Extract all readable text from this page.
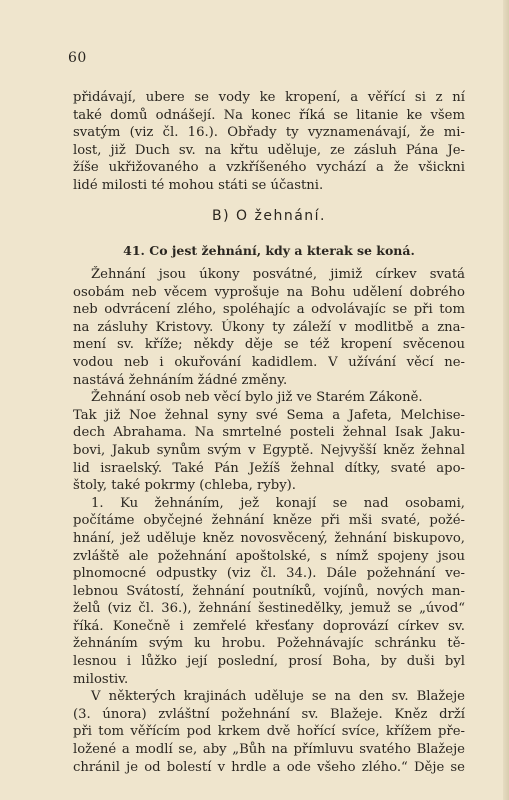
60
přidávají, ubere se vody ke kropení, a věřící si z ní
také domů odnášejí. Na konec říká se litanie ke všem
svatým (viz čl. 16.). Obřady ty vyznamenávají, že mi-
lost, již Duch sv. na křtu uděluje, ze zásluh Pána Je-
žíše ukřižovaného a vzkříšeného vychází a že všickni
lidé milosti té mohou státi se účastni.
B) O žehnání.
41. Co jest žehnání, kdy a kterak se koná.
Žehnání jsou úkony posvátné, jimiž církev svatá
osobám neb věcem vyprošuje na Bohu udělení dobrého
neb odvrácení zlého, spoléhajíc a odvolávajíc se při tom
na zásluhy Kristovy. Úkony ty záleží v modlitbě a zna-
mení sv. kříže; někdy děje se též kropení svěcenou
vodou neb i okuřování kadidlem. V užívání věcí ne-
nastává žehnáním žádné změny.
Žehnání osob neb věcí bylo již ve Starém Zákoně.
Tak již Noe žehnal syny své Sema a Jafeta, Melchise-
dech Abrahama. Na smrtelné posteli žehnal Isak Jaku-
bovi, Jakub synům svým v Egyptě. Nejvyšší kněz žehnal
lid israelský. Také Pán Ježíš žehnal dítky, svaté apo-
štoly, také pokrmy (chleba, ryby).
1. Ku žehnáním, jež konají se nad osobami,
počítáme obyčejné žehnání kněze při mši svaté, požé-
hnání, jež uděluje kněz novosvěcený, žehnání biskupovo,
zvláště ale požehnání apoštolské, s nímž spojeny jsou
plnomocné odpustky (viz čl. 34.). Dále požehnání ve-
lebnou Svátostí, žehnání poutníků, vojínů, nových man-
želů (viz čl. 36.), žehnání šestinedělky, jemuž se „úvod“
říká. Konečně i zemřelé křesťany doprovází církev sv.
žehnáním svým ku hrobu. Požehnávajíc schránku tě-
lesnou i lůžko její poslední, prosí Boha, by duši byl
milostiv.
V některých krajinách uděluje se na den sv. Blažeje
(3. února) zvláštní požehnání sv. Blažeje. Kněz drží
při tom věřícím pod krkem dvě hořící svíce, křížem pře-
ložené a modlí se, aby „Bůh na přímluvu svatého Blažeje
chránil je od bolestí v hrdle a ode všeho zlého.“ Děje se
